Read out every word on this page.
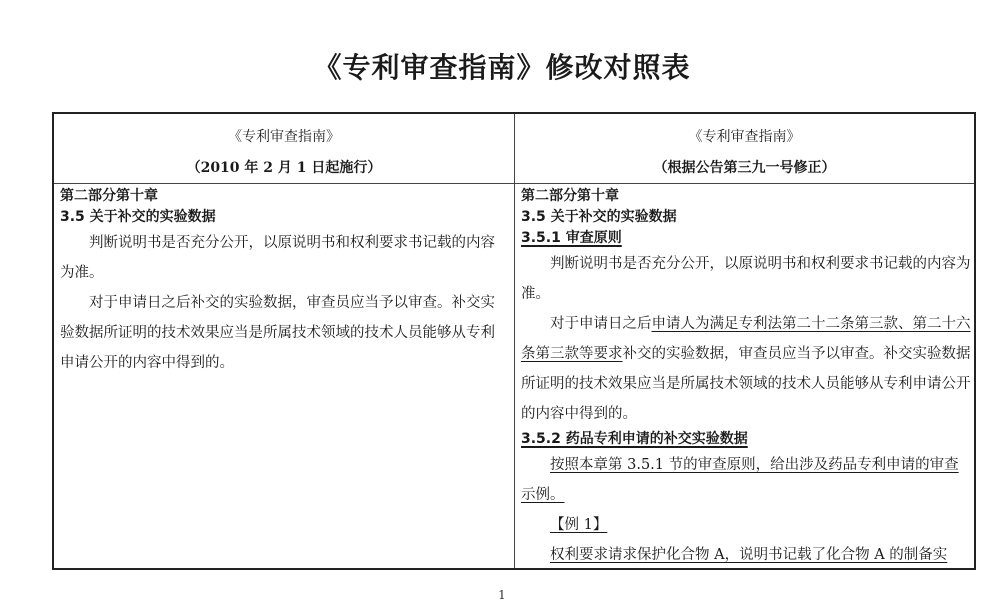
《专利审查指南》修改对照表
《专利审查指南》
（2010 年 2 月 1 日起施行）
《专利审查指南》
（根据公告第三九一号修正）
第二部分第十章
3.5 关于补交的实验数据

判断说明书是否充分公开，以原说明书和权利要求书记载的内容为准。

对于申请日之后补交的实验数据，审查员应当予以审查。补交实验数据所证明的技术效果应当是所属技术领域的技术人员能够从专利申请公开的内容中得到的。

第二部分第十章
3.5 关于补交的实验数据
3.5.1 审查原则

判断说明书是否充分公开，以原说明书和权利要求书记载的内容为准。

对于申请日之后申请人为满足专利法第二十二条第三款、第二十六条第三款等要求补交的实验数据，审查员应当予以审查。补交实验数据所证明的技术效果应当是所属技术领域的技术人员能够从专利申请公开的内容中得到的。

3.5.2 药品专利申请的补交实验数据

按照本章第 3.5.1 节的审查原则，给出涉及药品专利申请的审查示例。

【例 1】

权利要求请求保护化合物 A，说明书记载了化合物 A 的制备实

1
